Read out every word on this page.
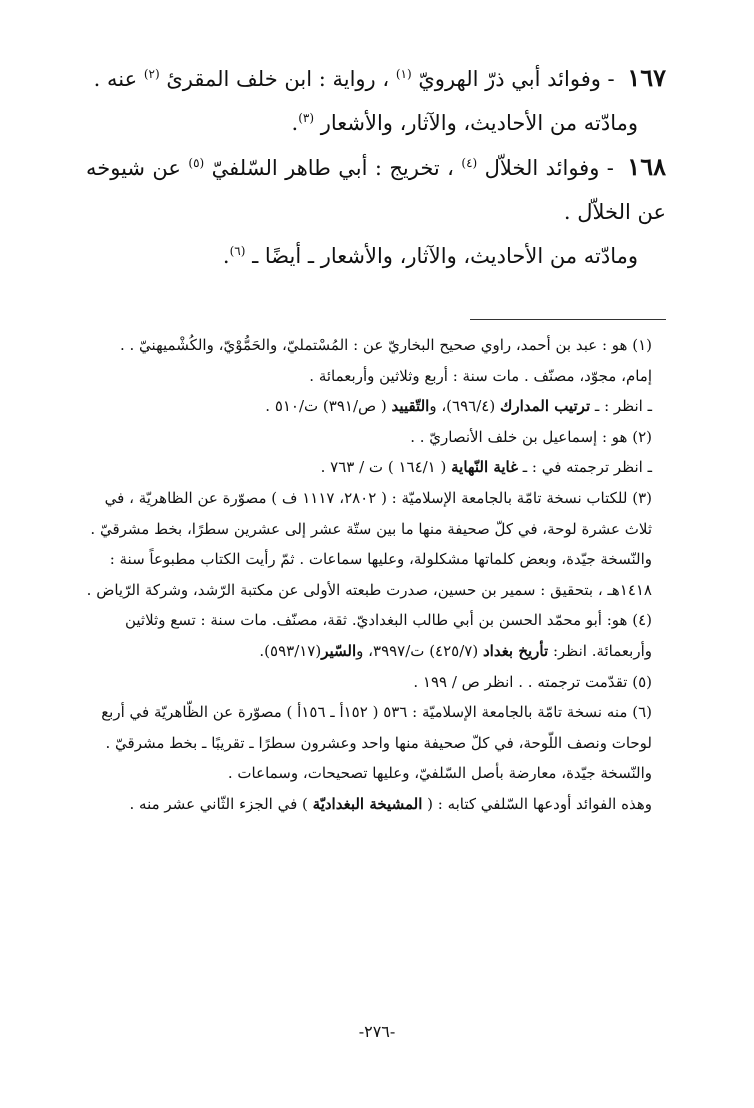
١٦٧ - وفوائد أبي ذرّ الهرويّ $^{(١)}$ ، رواية : ابن خلف المقرئ $^{(٢)}$ عنه .

ومادّته من الأحاديث، والآثار، والأشعار $^{(٣)}$.

١٦٨ - وفوائد الخلاّل $^{(٤)}$ ، تخريج : أبي طاهر السّلفيّ $^{(٥)}$ عن شيوخه عن الخلاّل .

ومادّته من الأحاديث، والآثار، والأشعار ـ أيضًا ـ $^{(٦)}$.

(١) هو : عبد بن أحمد، راوي صحيح البخاريّ عن : المُسْتمليّ، والحَمُّوْيّ، والكُشْميهنيّ . . إمام، مجوّد، مصنّف . مات سنة : أربع وثلاثين وأربعمائة .

ـ انظر : ـ ترتيب المدارك (٦٩٦/٤)، والتّقييد ( ص/٣٩١) ت/٥١٠ .

(٢) هو : إسماعيل بن خلف الأنصاريّ . .

ـ انظر ترجمته في : ـ غاية النّهاية ( ١٦٤/١ ) ت / ٧٦٣ .

(٣) للكتاب نسخة تامّة بالجامعة الإسلاميّة : ( ٢٨٠٢، ١١١٧ ف ) مصوّرة عن الظاهريّة ، في ثلاث عشرة لوحة، في كلّ صحيفة منها ما بين ستّة عشر إلى عشرين سطرًا، بخط مشرقيّ . والنّسخة جيّدة، وبعض كلماتها مشكلولة، وعليها سماعات . ثمّ رأيت الكتاب مطبوعاً سنة : ١٤١٨هـ ، بتحقيق : سمير بن حسين، صدرت طبعته الأولى عن مكتبة الرّشد، وشركة الرّياض .

(٤) هو: أبو محمّد الحسن بن أبي طالب البغداديّ. ثقة، مصنّف. مات سنة : تسع وثلاثين وأربعمائة. انظر: تأريخ بغداد (٤٢٥/٧) ت/٣٩٩٧، والسّير(٥٩٣/١٧).

(٥) تقدّمت ترجمته . . انظر ص / ١٩٩ .

(٦) منه نسخة تامّة بالجامعة الإسلاميّة : ٥٣٦ ( ١٥٢أ ـ ١٥٦أ ) مصوّرة عن الظّاهريّة في أربع لوحات ونصف اللّوحة، في كلّ صحيفة منها واحد وعشرون سطرًا ـ تقريبًا ـ بخط مشرقيّ .

والنّسخة جيّدة، معارضة بأصل السّلفيّ، وعليها تصحيحات، وسماعات .

وهذه الفوائد أودعها السّلفي كتابه : ( المشيخة البغداديّة ) في الجزء الثّاني عشر منه .

-٢٧٦-
